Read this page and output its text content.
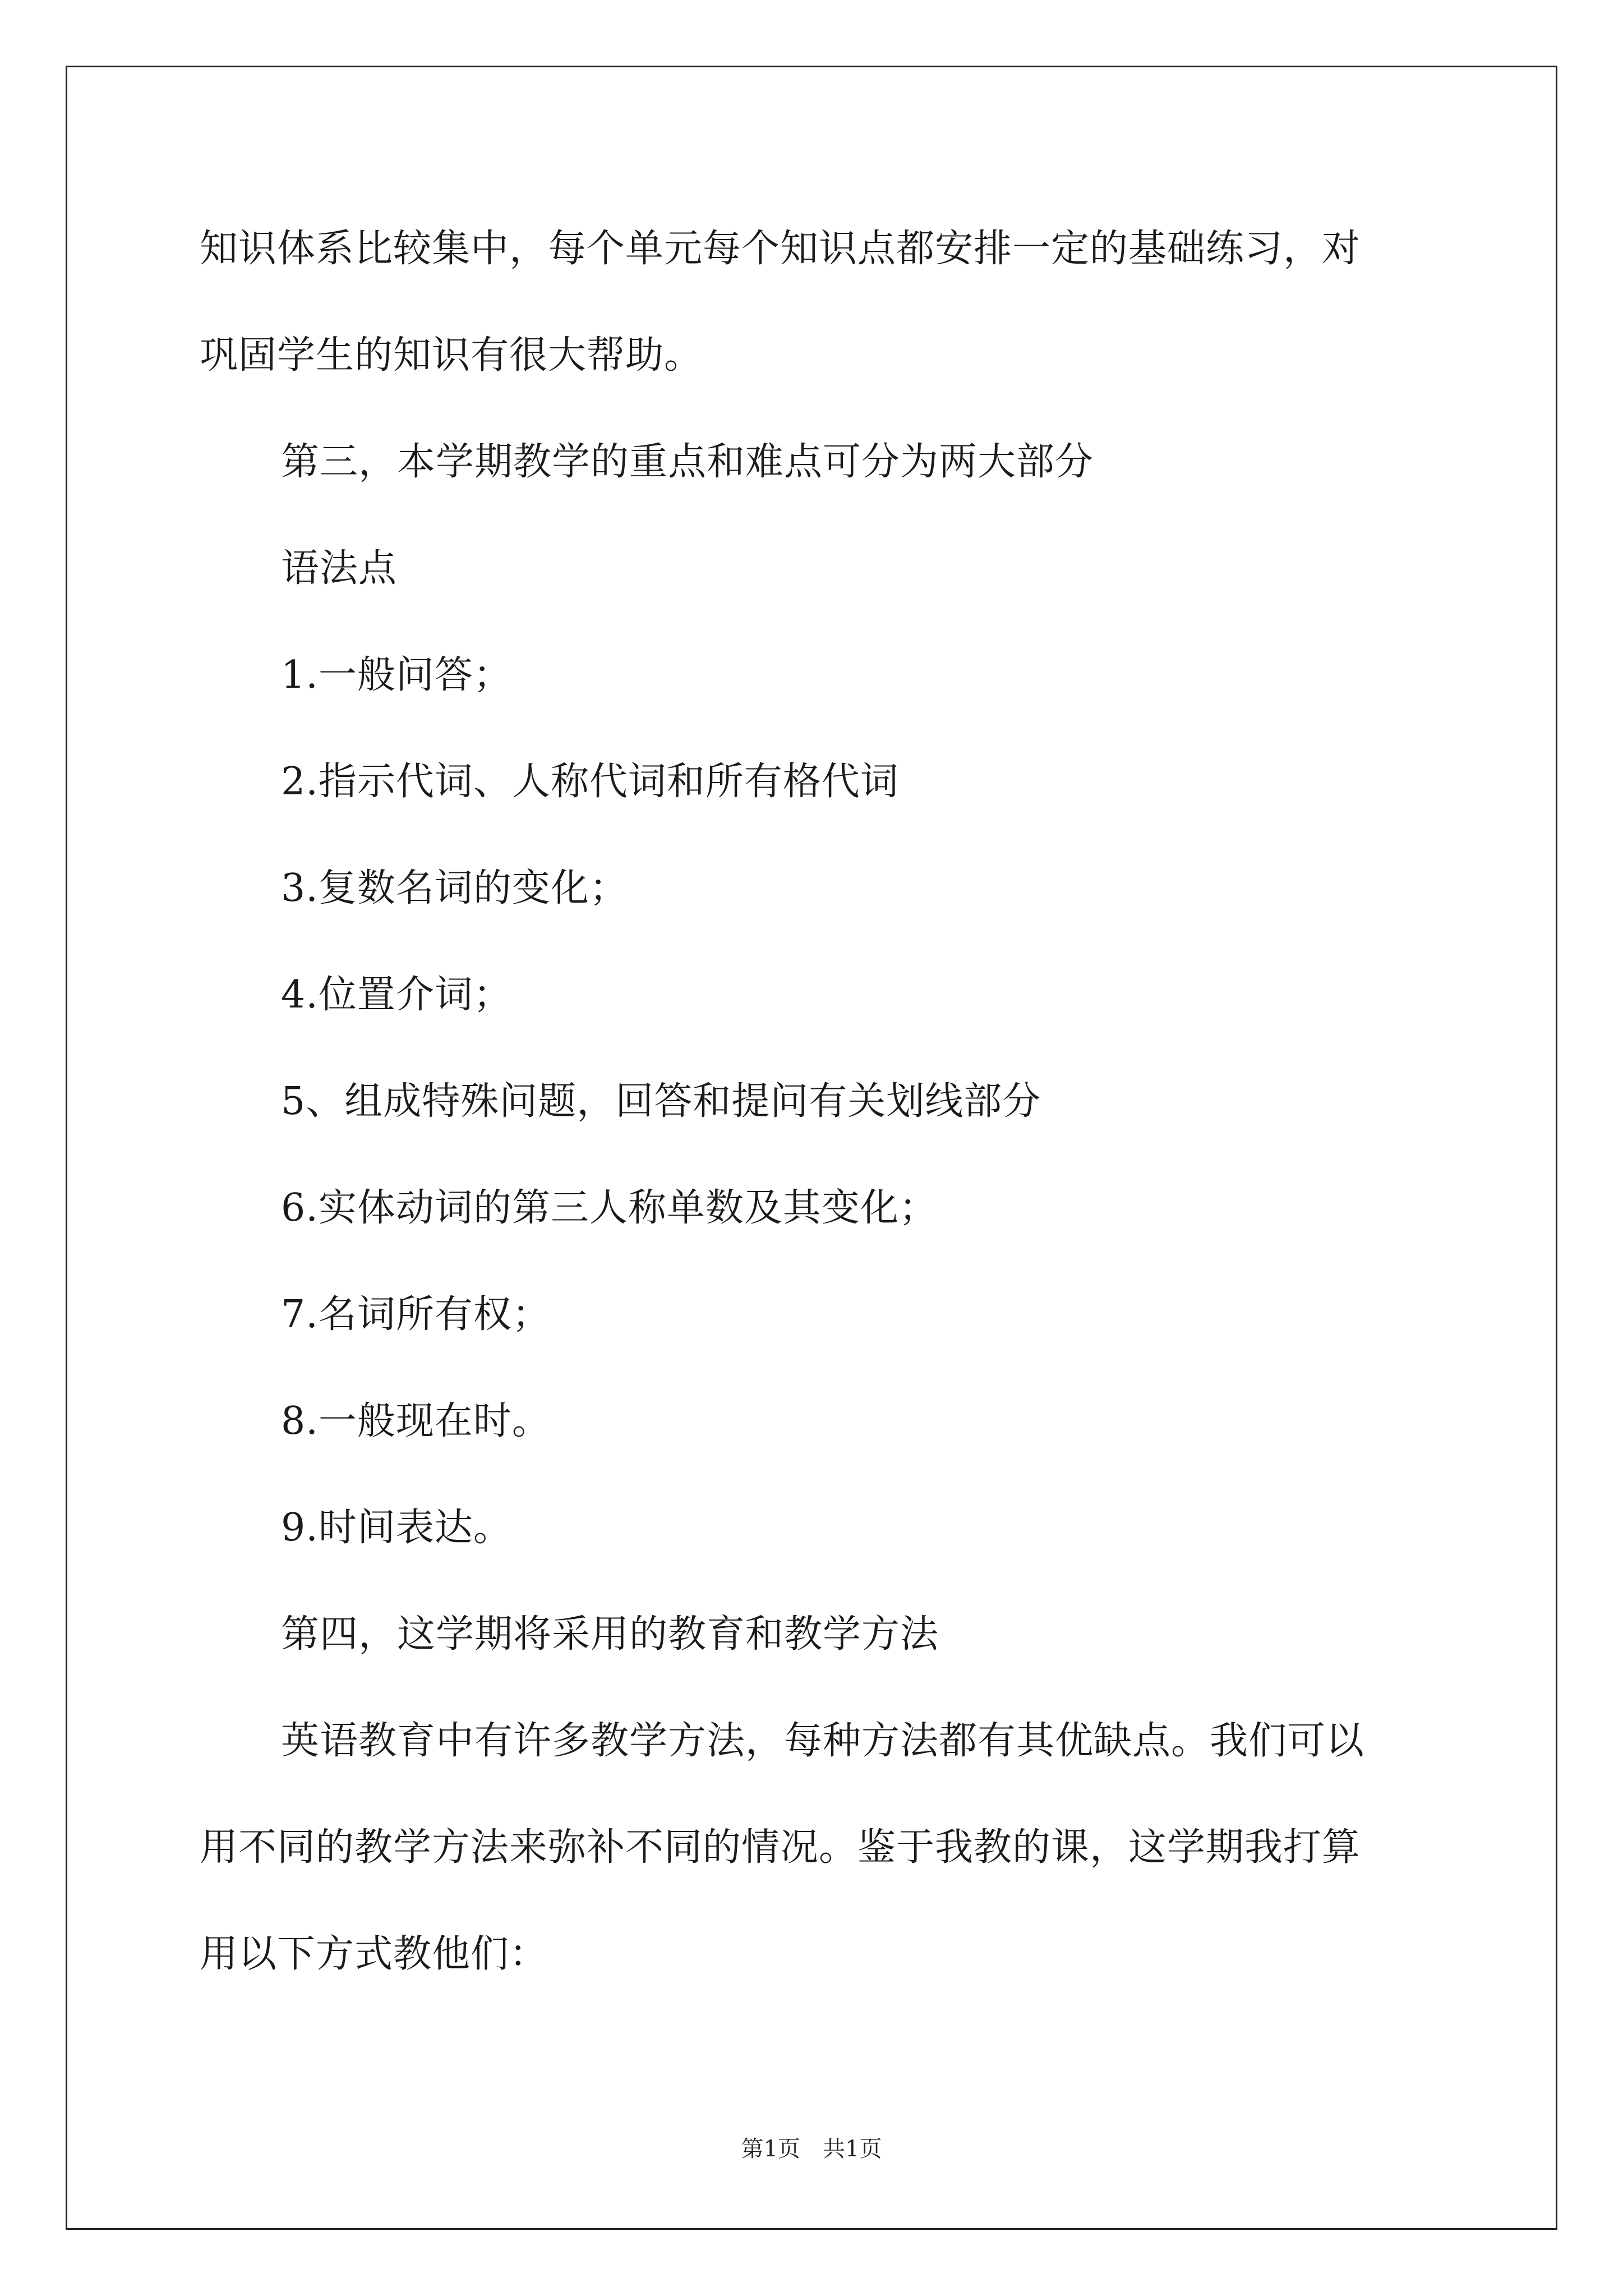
知识体系比较集中，每个单元每个知识点都安排一定的基础练习，对

巩固学生的知识有很大帮助。

第三，本学期教学的重点和难点可分为两大部分

语法点

1.一般问答；

2.指示代词、人称代词和所有格代词

3.复数名词的变化；

4.位置介词；

5、组成特殊问题，回答和提问有关划线部分

6.实体动词的第三人称单数及其变化；

7.名词所有权；

8.一般现在时。

9.时间表达。

第四，这学期将采用的教育和教学方法

英语教育中有许多教学方法，每种方法都有其优缺点。我们可以

用不同的教学方法来弥补不同的情况。鉴于我教的课，这学期我打算

用以下方式教他们：

第1页　共1页
